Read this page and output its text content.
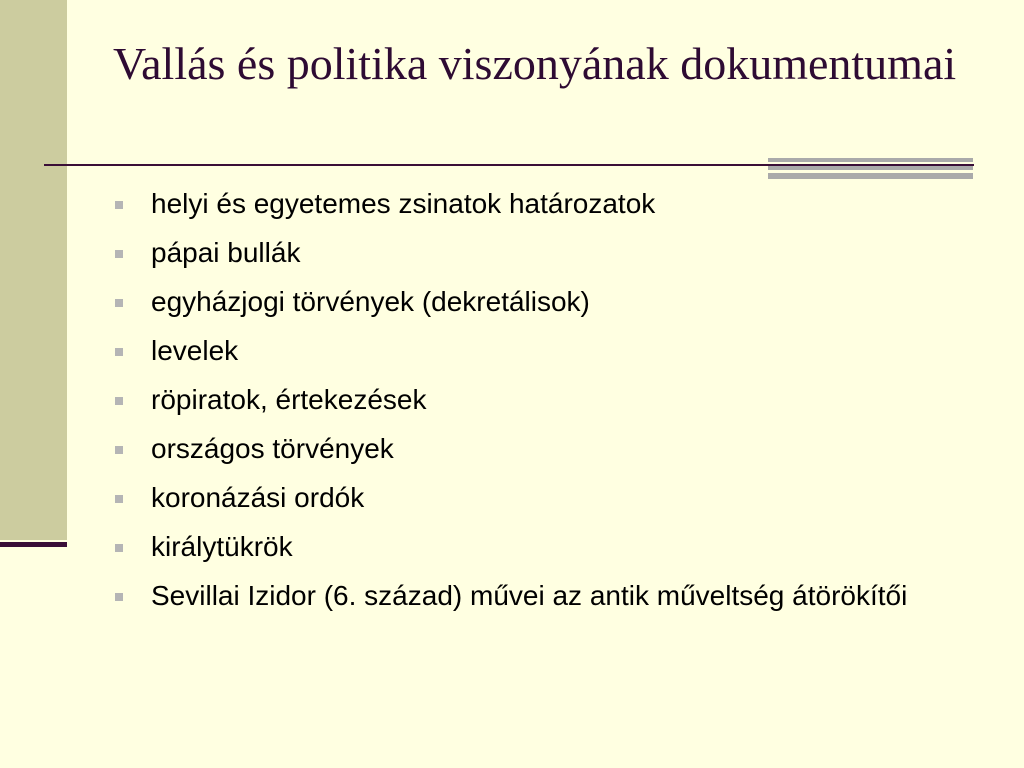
Vallás és politika viszonyának dokumentumai
helyi és egyetemes zsinatok határozatok
pápai bullák
egyházjogi törvények (dekretálisok)
levelek
röpiratok, értekezések
országos törvények
koronázási ordók
királytükrök
Sevillai Izidor (6. század) művei az antik műveltség átörökítői
